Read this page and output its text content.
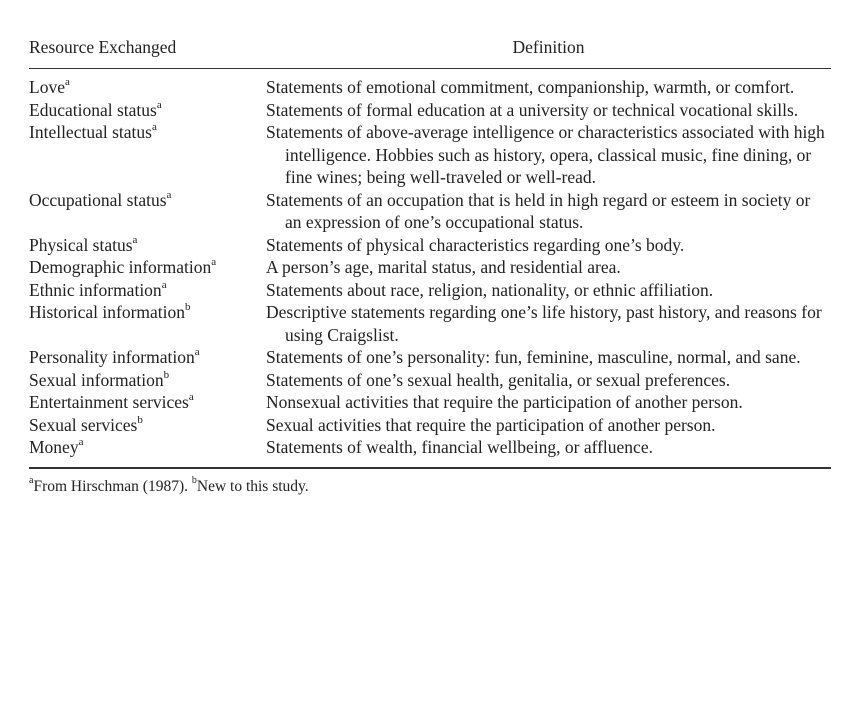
Resource Exchanged	Definition
Love$^a$	Statements of emotional commitment, companionship, warmth, or comfort.
Educational status$^a$	Statements of formal education at a university or technical vocational skills.
Intellectual status$^a$	Statements of above-average intelligence or characteristics associated with high intelligence. Hobbies such as history, opera, classical music, fine dining, or fine wines; being well-traveled or well-read.
Occupational status$^a$	Statements of an occupation that is held in high regard or esteem in society or an expression of one’s occupational status.
Physical status$^a$	Statements of physical characteristics regarding one’s body.
Demographic information$^a$	A person’s age, marital status, and residential area.
Ethnic information$^a$	Statements about race, religion, nationality, or ethnic affiliation.
Historical information$^b$	Descriptive statements regarding one’s life history, past history, and reasons for using Craigslist.
Personality information$^a$	Statements of one’s personality: fun, feminine, masculine, normal, and sane.
Sexual information$^b$	Statements of one’s sexual health, genitalia, or sexual preferences.
Entertainment services$^a$	Nonsexual activities that require the participation of another person.
Sexual services$^b$	Sexual activities that require the participation of another person.
Money$^a$	Statements of wealth, financial wellbeing, or affluence.
$^a$From Hirschman (1987). $^b$New to this study.
